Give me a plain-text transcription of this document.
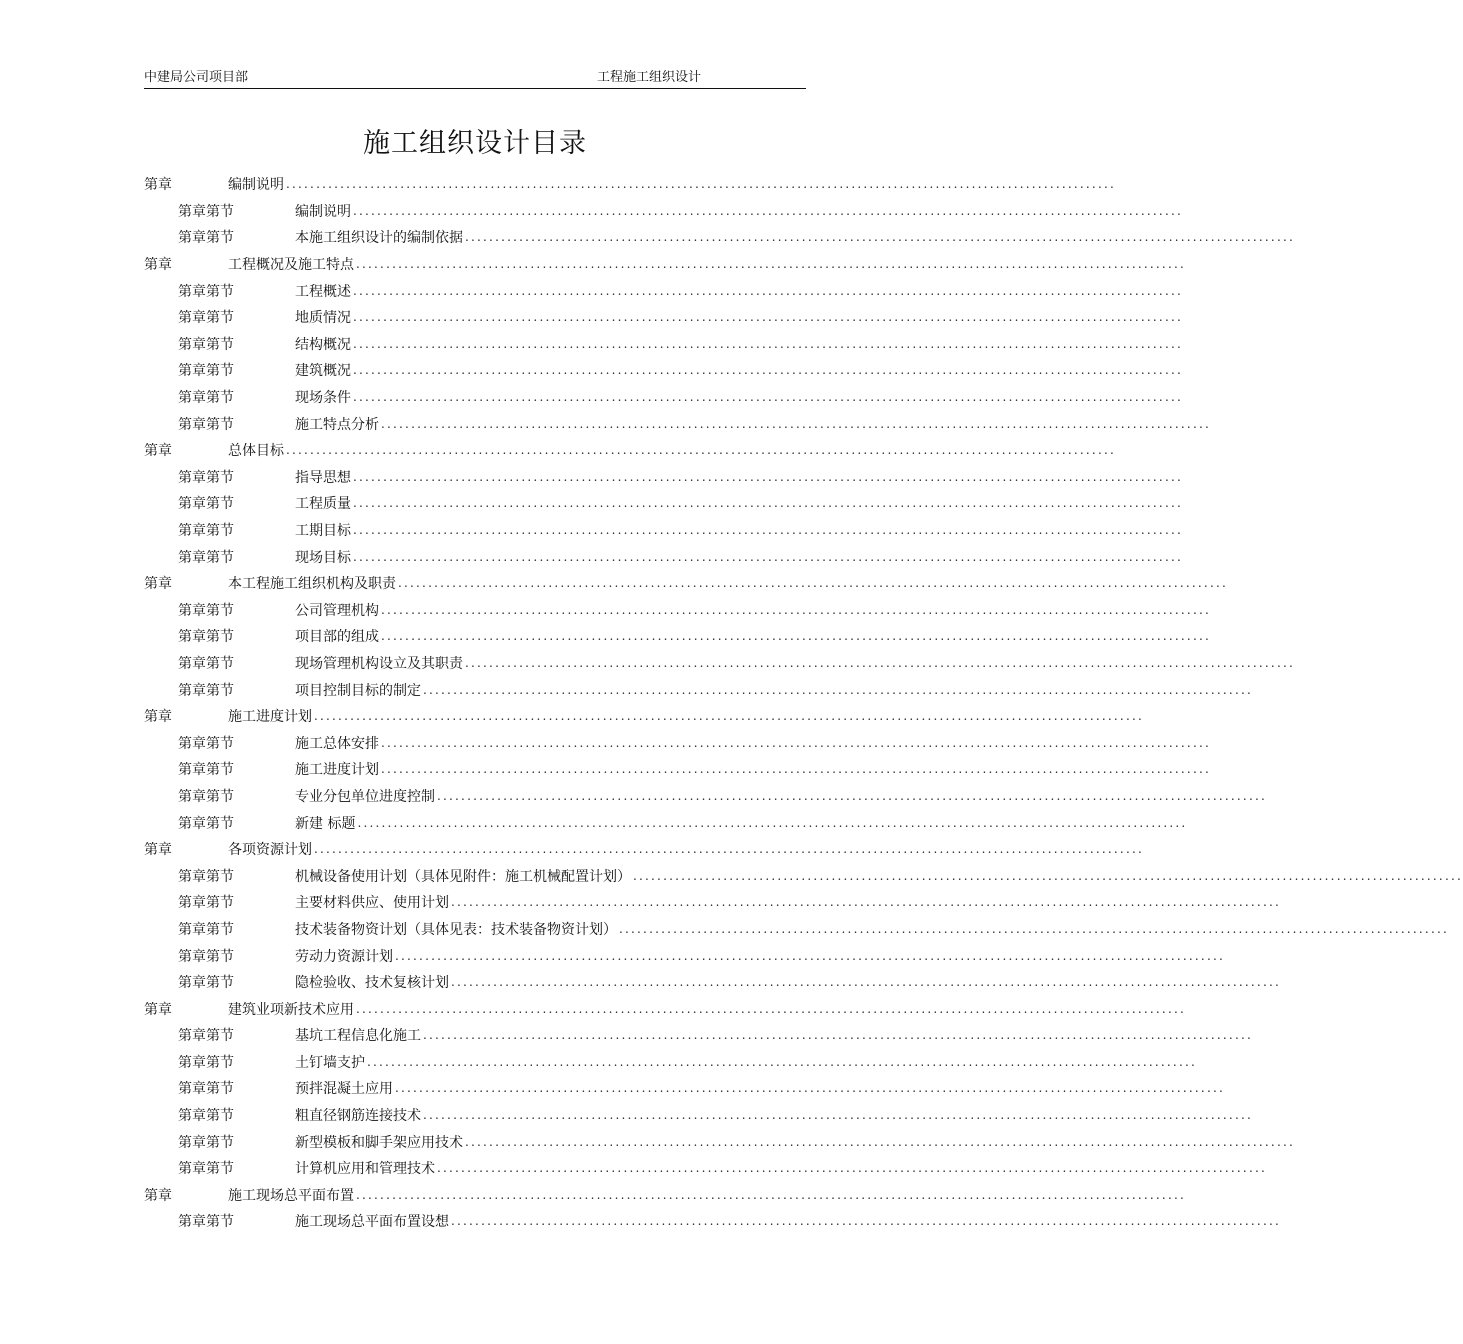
中建局公司项目部	工程施工组织设计
施工组织设计目录
第章	编制说明 ..........................................................................................................................................
第章第节	编制说明 ..........................................................................................................................................
第章第节	本施工组织设计的编制依据 ..........................................................................................................................................
第章	工程概况及施工特点 ..........................................................................................................................................
第章第节	工程概述 ..........................................................................................................................................
第章第节	地质情况 ..........................................................................................................................................
第章第节	结构概况 ..........................................................................................................................................
第章第节	建筑概况 ..........................................................................................................................................
第章第节	现场条件 ..........................................................................................................................................
第章第节	施工特点分析 ..........................................................................................................................................
第章	总体目标 ..........................................................................................................................................
第章第节	指导思想 ..........................................................................................................................................
第章第节	工程质量 ..........................................................................................................................................
第章第节	工期目标 ..........................................................................................................................................
第章第节	现场目标 ..........................................................................................................................................
第章	本工程施工组织机构及职责 ..........................................................................................................................................
第章第节	公司管理机构 ..........................................................................................................................................
第章第节	项目部的组成 ..........................................................................................................................................
第章第节	现场管理机构设立及其职责 ..........................................................................................................................................
第章第节	项目控制目标的制定 ..........................................................................................................................................
第章	施工进度计划 ..........................................................................................................................................
第章第节	施工总体安排 ..........................................................................................................................................
第章第节	施工进度计划 ..........................................................................................................................................
第章第节	专业分包单位进度控制 ..........................................................................................................................................
第章第节	新建 标题 ..........................................................................................................................................
第章	各项资源计划 ..........................................................................................................................................
第章第节	机械设备使用计划（具体见附件：施工机械配置计划） ..........................................................................................................................................
第章第节	主要材料供应、使用计划 ..........................................................................................................................................
第章第节	技术装备物资计划（具体见表：技术装备物资计划） ..........................................................................................................................................
第章第节	劳动力资源计划 ..........................................................................................................................................
第章第节	隐检验收、技术复核计划 ..........................................................................................................................................
第章	建筑业项新技术应用 ..........................................................................................................................................
第章第节	基坑工程信息化施工 ..........................................................................................................................................
第章第节	土钉墙支护 ..........................................................................................................................................
第章第节	预拌混凝土应用 ..........................................................................................................................................
第章第节	粗直径钢筋连接技术 ..........................................................................................................................................
第章第节	新型模板和脚手架应用技术 ..........................................................................................................................................
第章第节	计算机应用和管理技术 ..........................................................................................................................................
第章	施工现场总平面布置 ..........................................................................................................................................
第章第节	施工现场总平面布置设想 ..........................................................................................................................................
